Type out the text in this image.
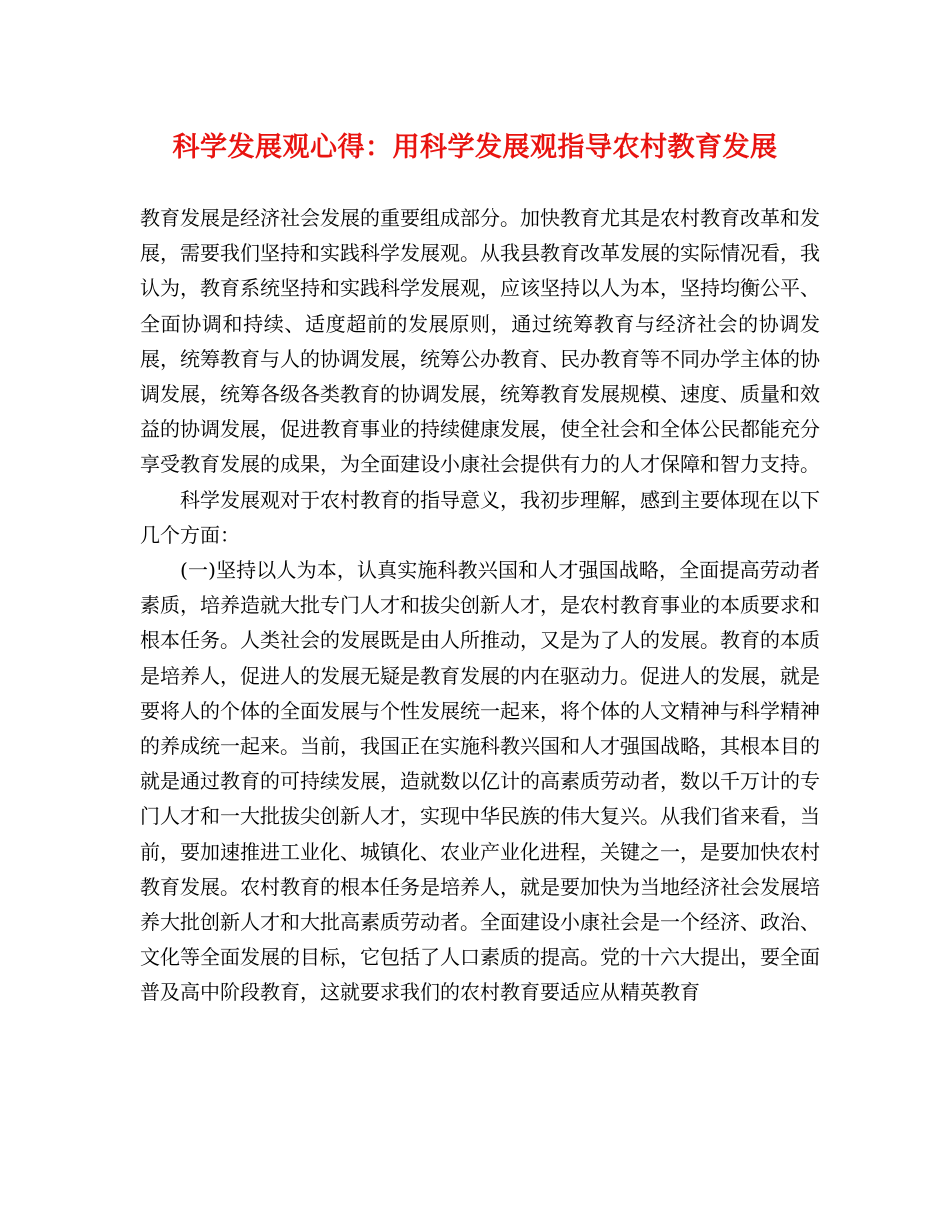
科学发展观心得：用科学发展观指导农村教育发展

教育发展是经济社会发展的重要组成部分。加快教育尤其是农村教育改革和发展，需要我们坚持和实践科学发展观。从我县教育改革发展的实际情况看，我认为，教育系统坚持和实践科学发展观，应该坚持以人为本，坚持均衡公平、全面协调和持续、适度超前的发展原则，通过统筹教育与经济社会的协调发展，统筹教育与人的协调发展，统筹公办教育、民办教育等不同办学主体的协调发展，统筹各级各类教育的协调发展，统筹教育发展规模、速度、质量和效益的协调发展，促进教育事业的持续健康发展，使全社会和全体公民都能充分享受教育发展的成果，为全面建设小康社会提供有力的人才保障和智力支持。

科学发展观对于农村教育的指导意义，我初步理解，感到主要体现在以下几个方面：

(一)坚持以人为本，认真实施科教兴国和人才强国战略，全面提高劳动者素质，培养造就大批专门人才和拔尖创新人才，是农村教育事业的本质要求和根本任务。人类社会的发展既是由人所推动，又是为了人的发展。教育的本质是培养人，促进人的发展无疑是教育发展的内在驱动力。促进人的发展，就是要将人的个体的全面发展与个性发展统一起来，将个体的人文精神与科学精神的养成统一起来。当前，我国正在实施科教兴国和人才强国战略，其根本目的就是通过教育的可持续发展，造就数以亿计的高素质劳动者，数以千万计的专门人才和一大批拔尖创新人才，实现中华民族的伟大复兴。从我们省来看，当前，要加速推进工业化、城镇化、农业产业化进程，关键之一，是要加快农村教育发展。农村教育的根本任务是培养人，就是要加快为当地经济社会发展培养大批创新人才和大批高素质劳动者。全面建设小康社会是一个经济、政治、文化等全面发展的目标，它包括了人口素质的提高。党的十六大提出，要全面普及高中阶段教育，这就要求我们的农村教育要适应从精英教育
